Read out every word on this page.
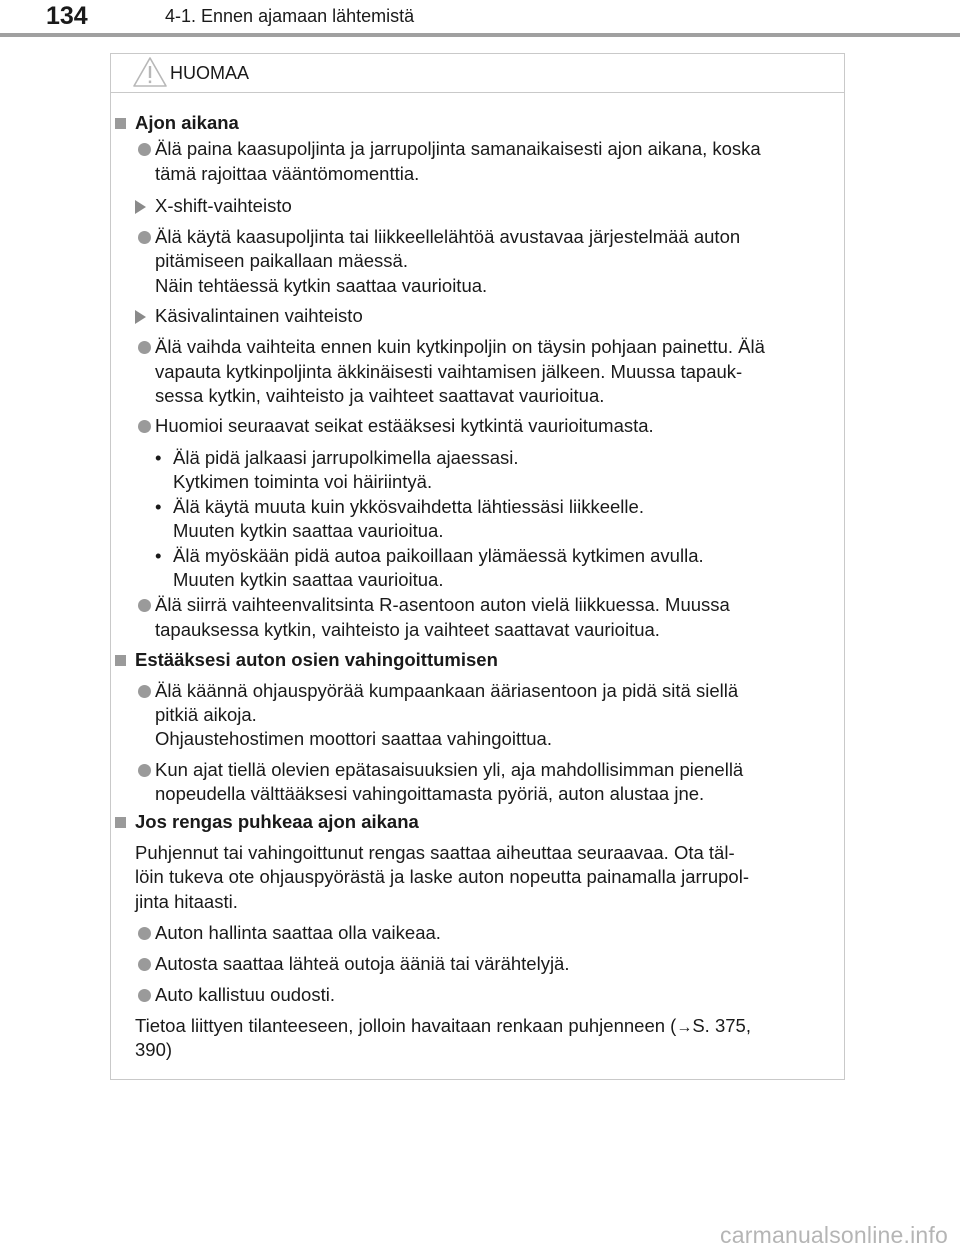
134	4-1. Ennen ajamaan lähtemistä
HUOMAA
Ajon aikana
Älä paina kaasupoljinta ja jarrupoljinta samanaikaisesti ajon aikana, koska
tämä rajoittaa vääntömomenttia.
X-shift-vaihteisto
Älä käytä kaasupoljinta tai liikkeellelähtöä avustavaa järjestelmää auton
pitämiseen paikallaan mäessä.
Näin tehtäessä kytkin saattaa vaurioitua.
Käsivalintainen vaihteisto
Älä vaihda vaihteita ennen kuin kytkinpoljin on täysin pohjaan painettu. Älä
vapauta kytkinpoljinta äkkinäisesti vaihtamisen jälkeen. Muussa tapauk-
sessa kytkin, vaihteisto ja vaihteet saattavat vaurioitua.
Huomioi seuraavat seikat estääksesi kytkintä vaurioitumasta.
• Älä pidä jalkaasi jarrupolkimella ajaessasi.
Kytkimen toiminta voi häiriintyä.
• Älä käytä muuta kuin ykkösvaihdetta lähtiessäsi liikkeelle.
Muuten kytkin saattaa vaurioitua.
• Älä myöskään pidä autoa paikoillaan ylämäessä kytkimen avulla.
Muuten kytkin saattaa vaurioitua.
Älä siirrä vaihteenvalitsinta R-asentoon auton vielä liikkuessa. Muussa
tapauksessa kytkin, vaihteisto ja vaihteet saattavat vaurioitua.
Estääksesi auton osien vahingoittumisen
Älä käännä ohjauspyörää kumpaankaan ääriasentoon ja pidä sitä siellä
pitkiä aikoja.
Ohjaustehostimen moottori saattaa vahingoittua.
Kun ajat tiellä olevien epätasaisuuksien yli, aja mahdollisimman pienellä
nopeudella välttääksesi vahingoittamasta pyöriä, auton alustaa jne.
Jos rengas puhkeaa ajon aikana
Puhjennut tai vahingoittunut rengas saattaa aiheuttaa seuraavaa. Ota täl-
löin tukeva ote ohjauspyörästä ja laske auton nopeutta painamalla jarrupol-
jinta hitaasti.
Auton hallinta saattaa olla vaikeaa.
Autosta saattaa lähteä outoja ääniä tai värähtelyjä.
Auto kallistuu oudosti.
Tietoa liittyen tilanteeseen, jolloin havaitaan renkaan puhjenneen (→S. 375,
390)
carmanualsonline.info
